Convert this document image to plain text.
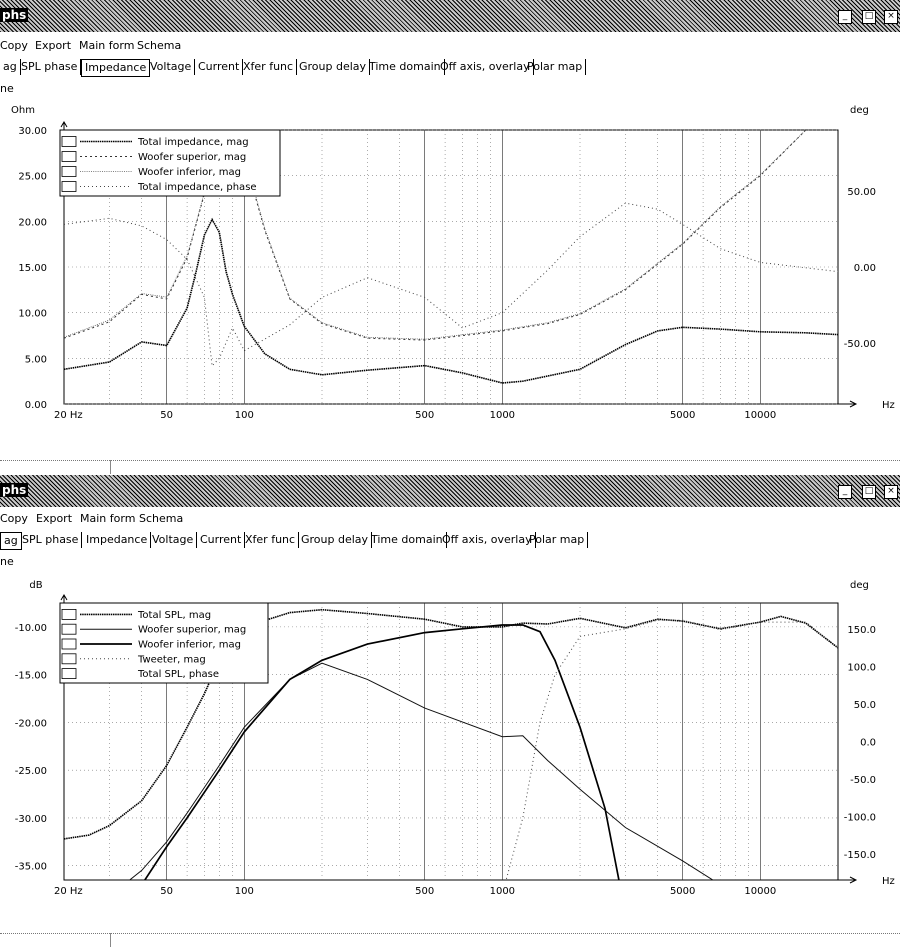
phs	_	□	×
Copy Export Main form Schema
ag SPL phase Impedance Voltage Current Xfer func Group delay Time domain Off axis, overlay
Polar map
ne
0.00
5.00
10.00
15.00
20.00
25.00
30.00
-50.00
0.00
50.00
20 Hz	50	100	500	1000	5000	10000
Ohm	deg
Hz
Total impedance, mag
Woofer superior, mag
Woofer inferior, mag
Total impedance, phase
phs	_	□	×
Copy Export Main form Schema
ag SPL phase Impedance Voltage Current Xfer func Group delay Time domain Off axis, overlay
Polar map
ne
-35.00
-30.00
-25.00
-20.00
-15.00
-10.00
-150.0
-100.0
-50.0
0.0
50.0
100.0
150.0
20 Hz	50	100	500	1000	5000	10000
dB	deg
Hz
Total SPL, mag
Woofer superior, mag
Woofer inferior, mag
Tweeter, mag
Total SPL, phase
